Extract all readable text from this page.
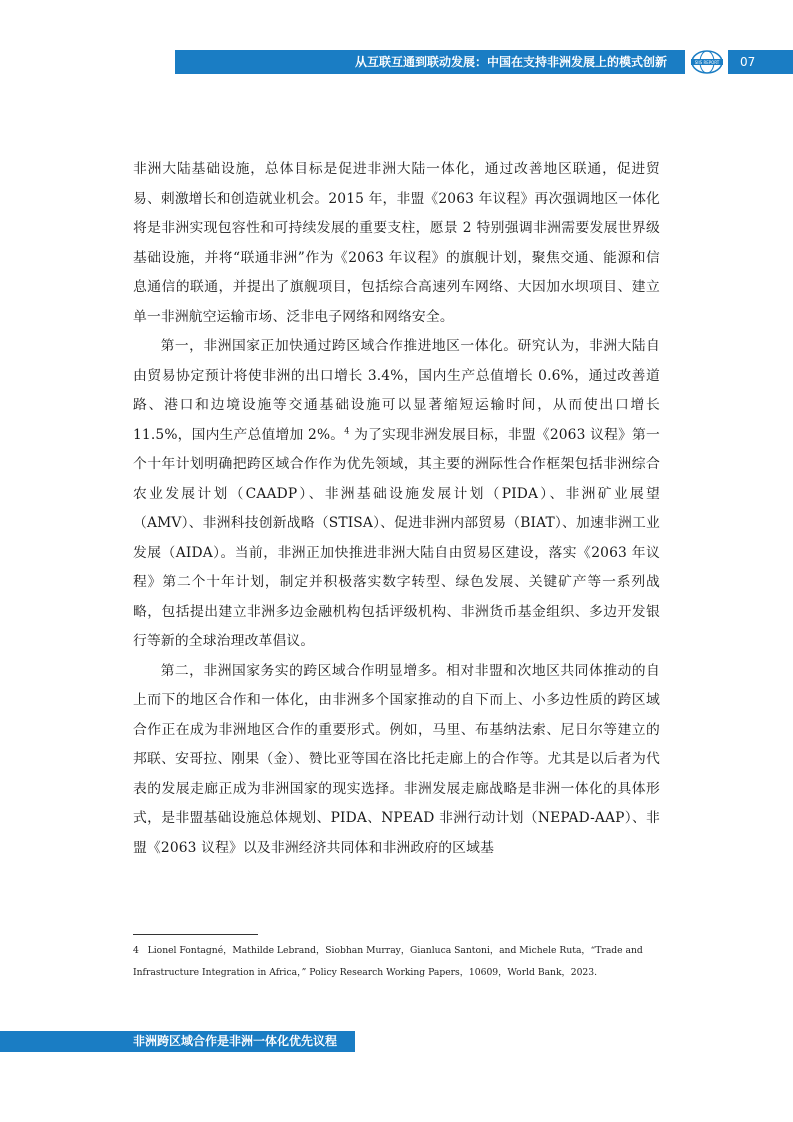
从互联互通到联动发展：中国在支持非洲发展上的模式创新	SIIS REPORT 07

非洲大陆基础设施，总体目标是促进非洲大陆一体化，通过改善地区联通，促进贸易、刺激增长和创造就业机会。2015 年，非盟《2063 年议程》再次强调地区一体化将是非洲实现包容性和可持续发展的重要支柱，愿景 2 特别强调非洲需要发展世界级基础设施，并将“联通非洲”作为《2063 年议程》的旗舰计划，聚焦交通、能源和信息通信的联通，并提出了旗舰项目，包括综合高速列车网络、大因加水坝项目、建立单一非洲航空运输市场、泛非电子网络和网络安全。

第一，非洲国家正加快通过跨区域合作推进地区一体化。研究认为，非洲大陆自由贸易协定预计将使非洲的出口增长 3.4%，国内生产总值增长 0.6%，通过改善道路、港口和边境设施等交通基础设施可以显著缩短运输时间，从而使出口增长 11.5%，国内生产总值增加 2%。$^4$ 为了实现非洲发展目标，非盟《2063 议程》第一个十年计划明确把跨区域合作作为优先领域，其主要的洲际性合作框架包括非洲综合农业发展计划（CAADP）、非洲基础设施发展计划（PIDA）、非洲矿业展望（AMV）、非洲科技创新战略（STISA）、促进非洲内部贸易（BIAT）、加速非洲工业发展（AIDA）。当前，非洲正加快推进非洲大陆自由贸易区建设，落实《2063 年议程》第二个十年计划，制定并积极落实数字转型、绿色发展、关键矿产等一系列战略，包括提出建立非洲多边金融机构包括评级机构、非洲货币基金组织、多边开发银行等新的全球治理改革倡议。

第二，非洲国家务实的跨区域合作明显增多。相对非盟和次地区共同体推动的自上而下的地区合作和一体化，由非洲多个国家推动的自下而上、小多边性质的跨区域合作正在成为非洲地区合作的重要形式。例如，马里、布基纳法索、尼日尔等建立的邦联、安哥拉、刚果（金）、赞比亚等国在洛比托走廊上的合作等。尤其是以后者为代表的发展走廊正成为非洲国家的现实选择。非洲发展走廊战略是非洲一体化的具体形式，是非盟基础设施总体规划、PIDA、NPEAD 非洲行动计划（NEPAD-AAP）、非盟《2063 议程》以及非洲经济共同体和非洲政府的区域基

4 Lionel Fontagné，Mathilde Lebrand，Siobhan Murray，Gianluca Santoni，and Michele Ruta，“Trade and Infrastructure Integration in Africa，” Policy Research Working Papers，10609，World Bank，2023.

非洲跨区域合作是非洲一体化优先议程
